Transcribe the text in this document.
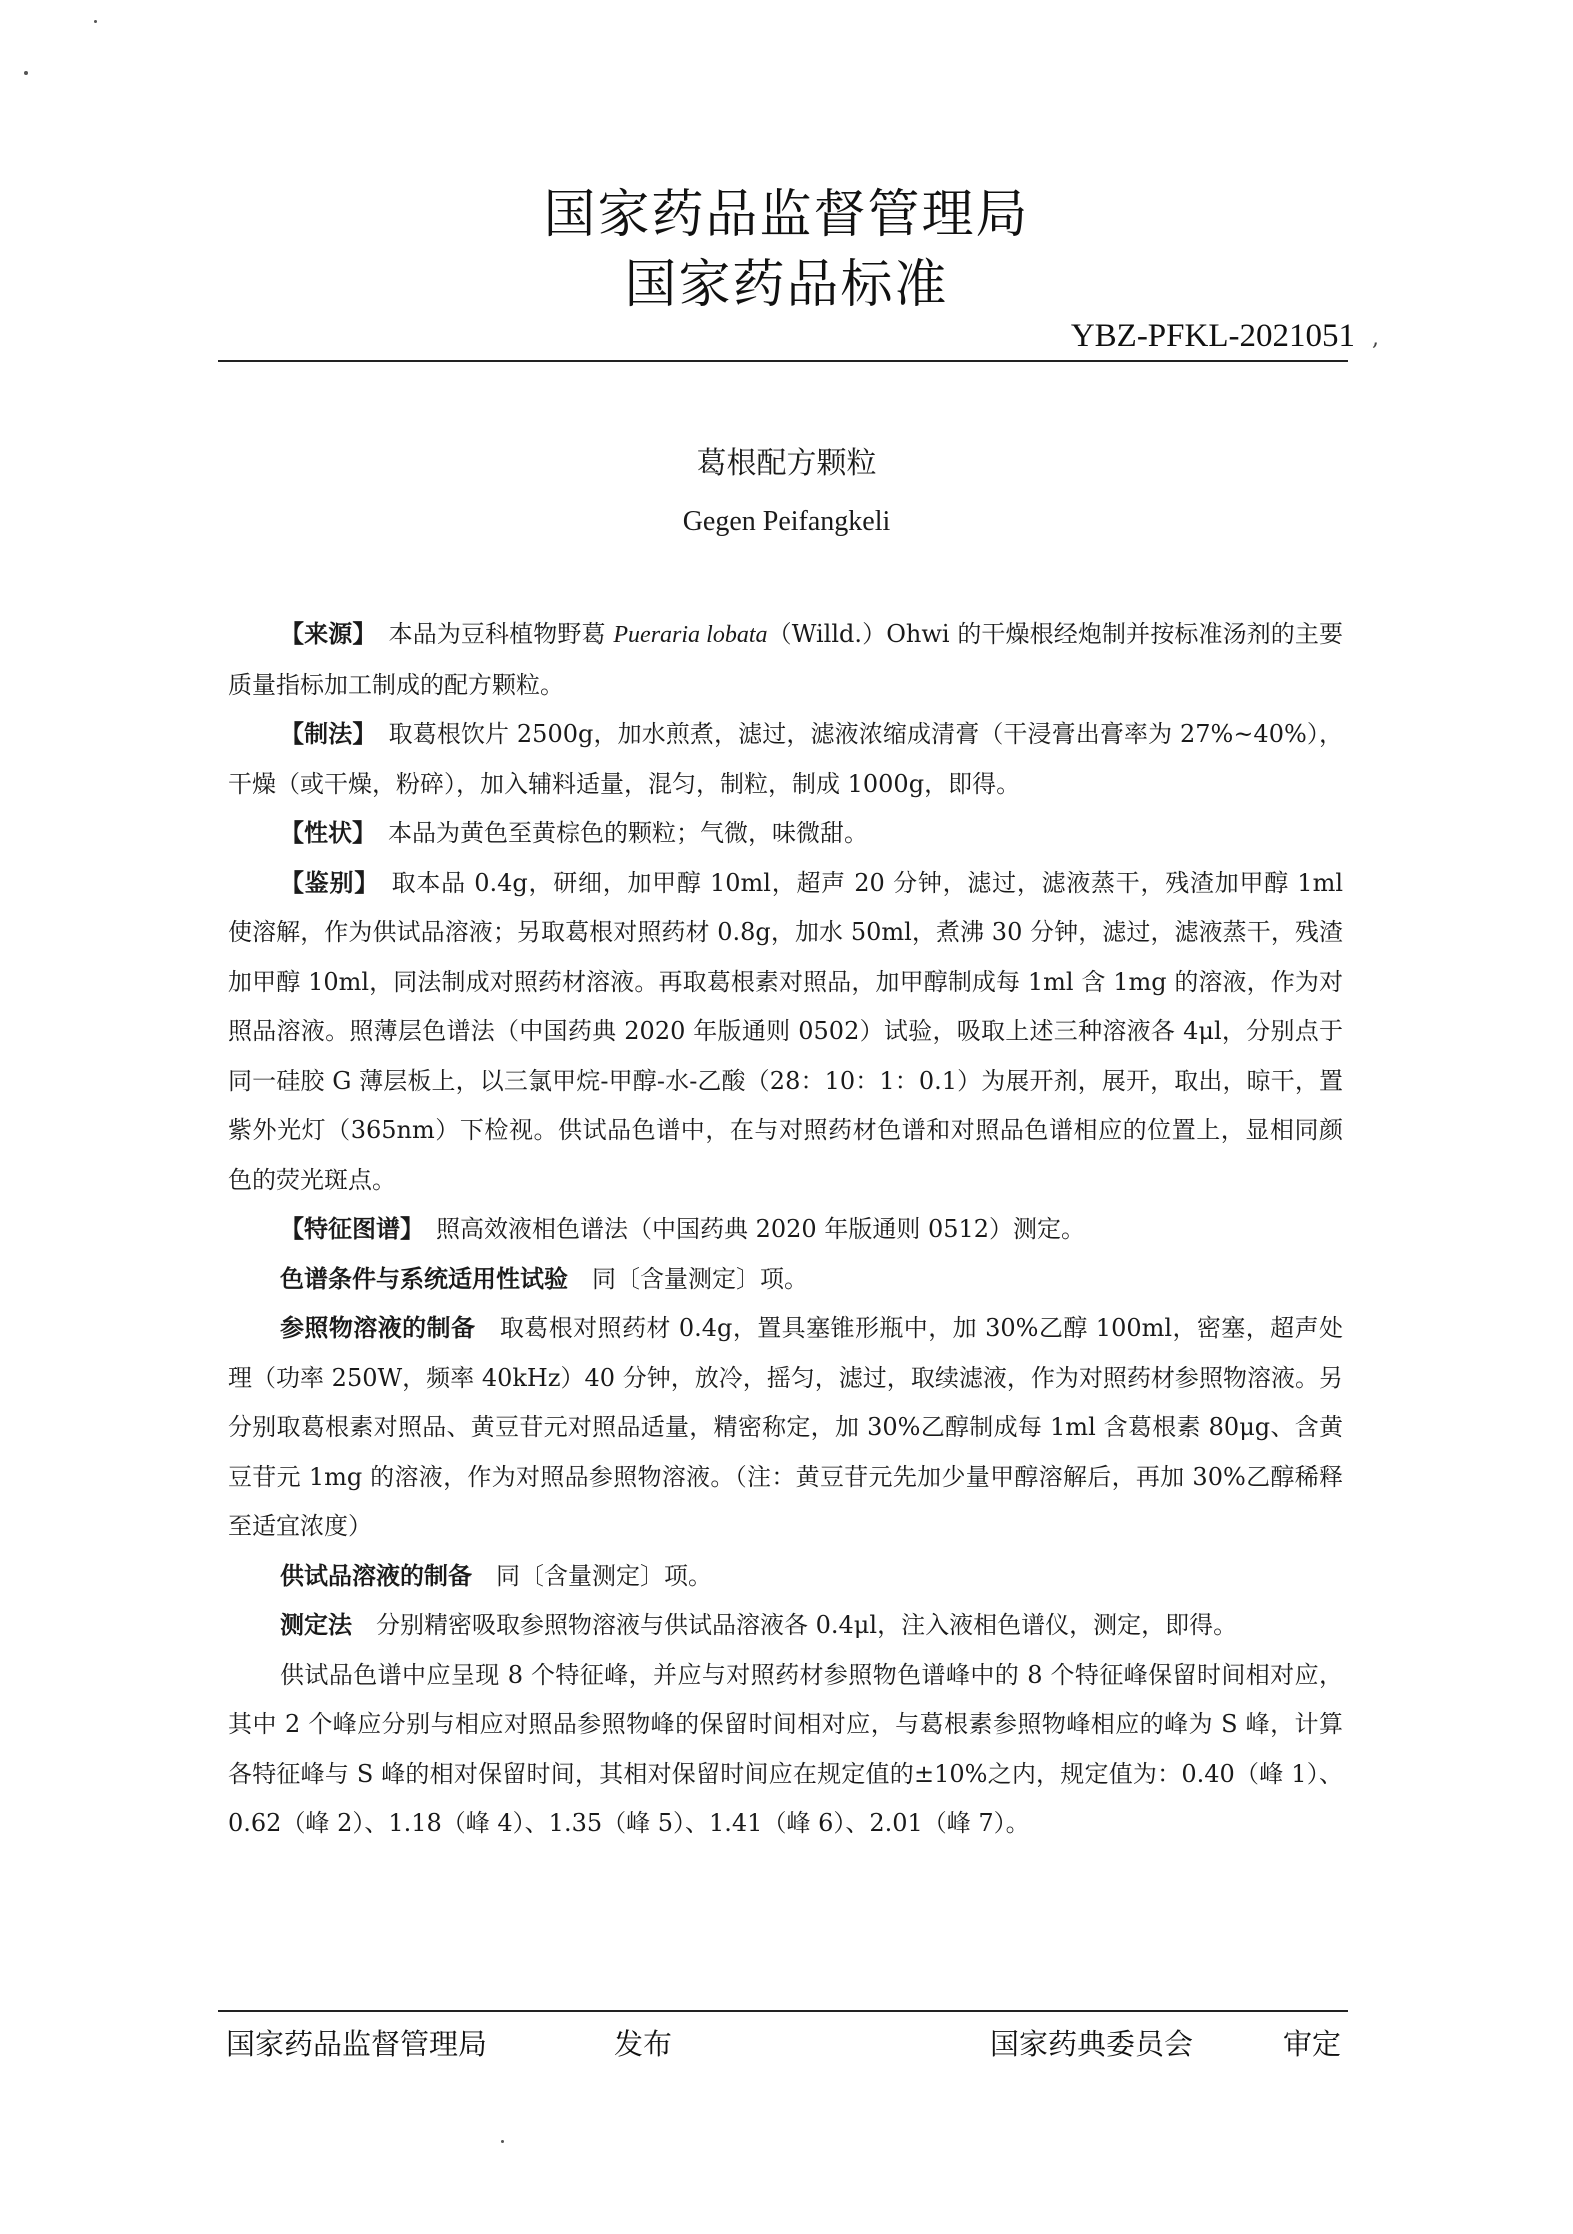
国家药品监督管理局
国家药品标准
YBZ-PFKL-2021051 ,
葛根配方颗粒
Gegen Peifangkeli

【来源】　 本品为豆科植物野葛 Pueraria lobata（Willd.）Ohwi 的干燥根经炮制并按标准汤剂的主要质量指标加工制成的配方颗粒。

【制法】　 取葛根饮片 2500g，加水煎煮，滤过，滤液浓缩成清膏（干浸膏出膏率为 27%~40%），干燥（或干燥，粉碎），加入辅料适量，混匀，制粒，制成 1000g，即得。

【性状】　 本品为黄色至黄棕色的颗粒；气微，味微甜。

【鉴别】　 取本品 0.4g，研细，加甲醇 10ml，超声 20 分钟，滤过，滤液蒸干，残渣加甲醇 1ml 使溶解，作为供试品溶液；另取葛根对照药材 0.8g，加水 50ml，煮沸 30 分钟，滤过，滤液蒸干，残渣加甲醇 10ml，同法制成对照药材溶液。再取葛根素对照品，加甲醇制成每 1ml 含 1mg 的溶液，作为对照品溶液。照薄层色谱法（中国药典 2020 年版通则 0502）试验，吸取上述三种溶液各 4μl，分别点于同一硅胶 G 薄层板上，以三氯甲烷-甲醇-水-乙酸（28：10：1：0.1）为展开剂，展开，取出，晾干，置紫外光灯（365nm）下检视。供试品色谱中，在与对照药材色谱和对照品色谱相应的位置上，显相同颜色的荧光斑点。

【特征图谱】　 照高效液相色谱法（中国药典 2020 年版通则 0512）测定。

色谱条件与系统适用性试验　 同〔含量测定〕项。

参照物溶液的制备　 取葛根对照药材 0.4g，置具塞锥形瓶中，加 30%乙醇 100ml，密塞，超声处理（功率 250W，频率 40kHz）40 分钟，放冷，摇匀，滤过，取续滤液，作为对照药材参照物溶液。另分别取葛根素对照品、黄豆苷元对照品适量，精密称定，加 30%乙醇制成每 1ml 含葛根素 80μg、含黄豆苷元 1mg 的溶液，作为对照品参照物溶液。（注：黄豆苷元先加少量甲醇溶解后，再加 30%乙醇稀释至适宜浓度）

供试品溶液的制备　 同〔含量测定〕项。

测定法　 分别精密吸取参照物溶液与供试品溶液各 0.4μl，注入液相色谱仪，测定，即得。

供试品色谱中应呈现 8 个特征峰，并应与对照药材参照物色谱峰中的 8 个特征峰保留时间相对应，其中 2 个峰应分别与相应对照品参照物峰的保留时间相对应，与葛根素参照物峰相应的峰为 S 峰，计算各特征峰与 S 峰的相对保留时间，其相对保留时间应在规定值的±10%之内，规定值为：0.40（峰 1）、0.62（峰 2）、1.18（峰 4）、1.35（峰 5）、1.41（峰 6）、2.01（峰 7）。

国家药品监督管理局	发布	国家药典委员会	审定
